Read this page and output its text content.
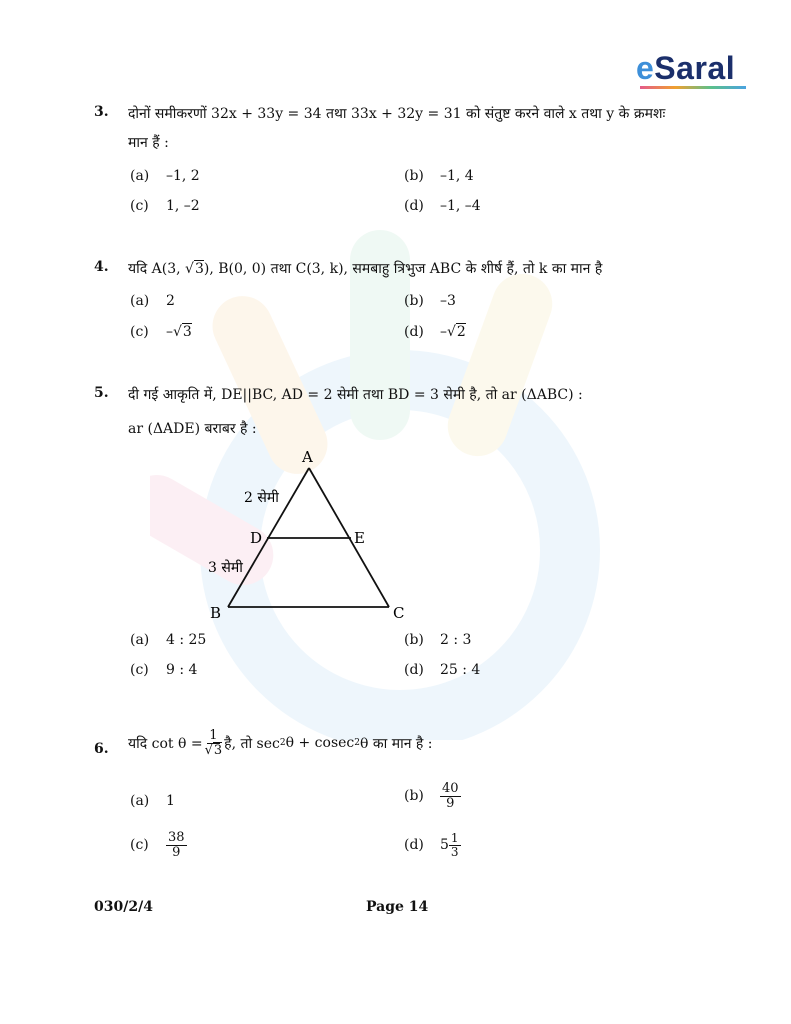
eSaral
3. दोनों समीकरणों 32x + 33y = 34 तथा 33x + 32y = 31 को संतुष्ट करने वाले x तथा y के क्रमशः
मान हैं :
(a) –1, 2	(b) –1, 4
(c) 1, –2	(d) –1, –4
4. यदि A(3, √3), B(0, 0) तथा C(3, k), समबाहु त्रिभुज ABC के शीर्ष हैं, तो k का मान है
(a) 2	(b) –3
(c) –√3	(d) –√2
5. दी गई आकृति में, DE||BC, AD = 2 सेमी तथा BD = 3 सेमी है, तो ar (ΔABC) :
ar (ΔADE) बराबर है :
A
B	C
D	E
2 सेमी
3 सेमी
(a) 4 : 25	(b) 2 : 3
(c) 9 : 4	(d) 25 : 4
6. यदि $\cot \theta = \frac{1}{√3}$ है, तो sec 2 θ + cosec 2 θ का मान है :
(a) 1	(b)	$\frac{40}{9}$
(c)	$\frac{38}{9}$	(d)	$5 \frac{1}{3}$
030/2/4	Page 14
